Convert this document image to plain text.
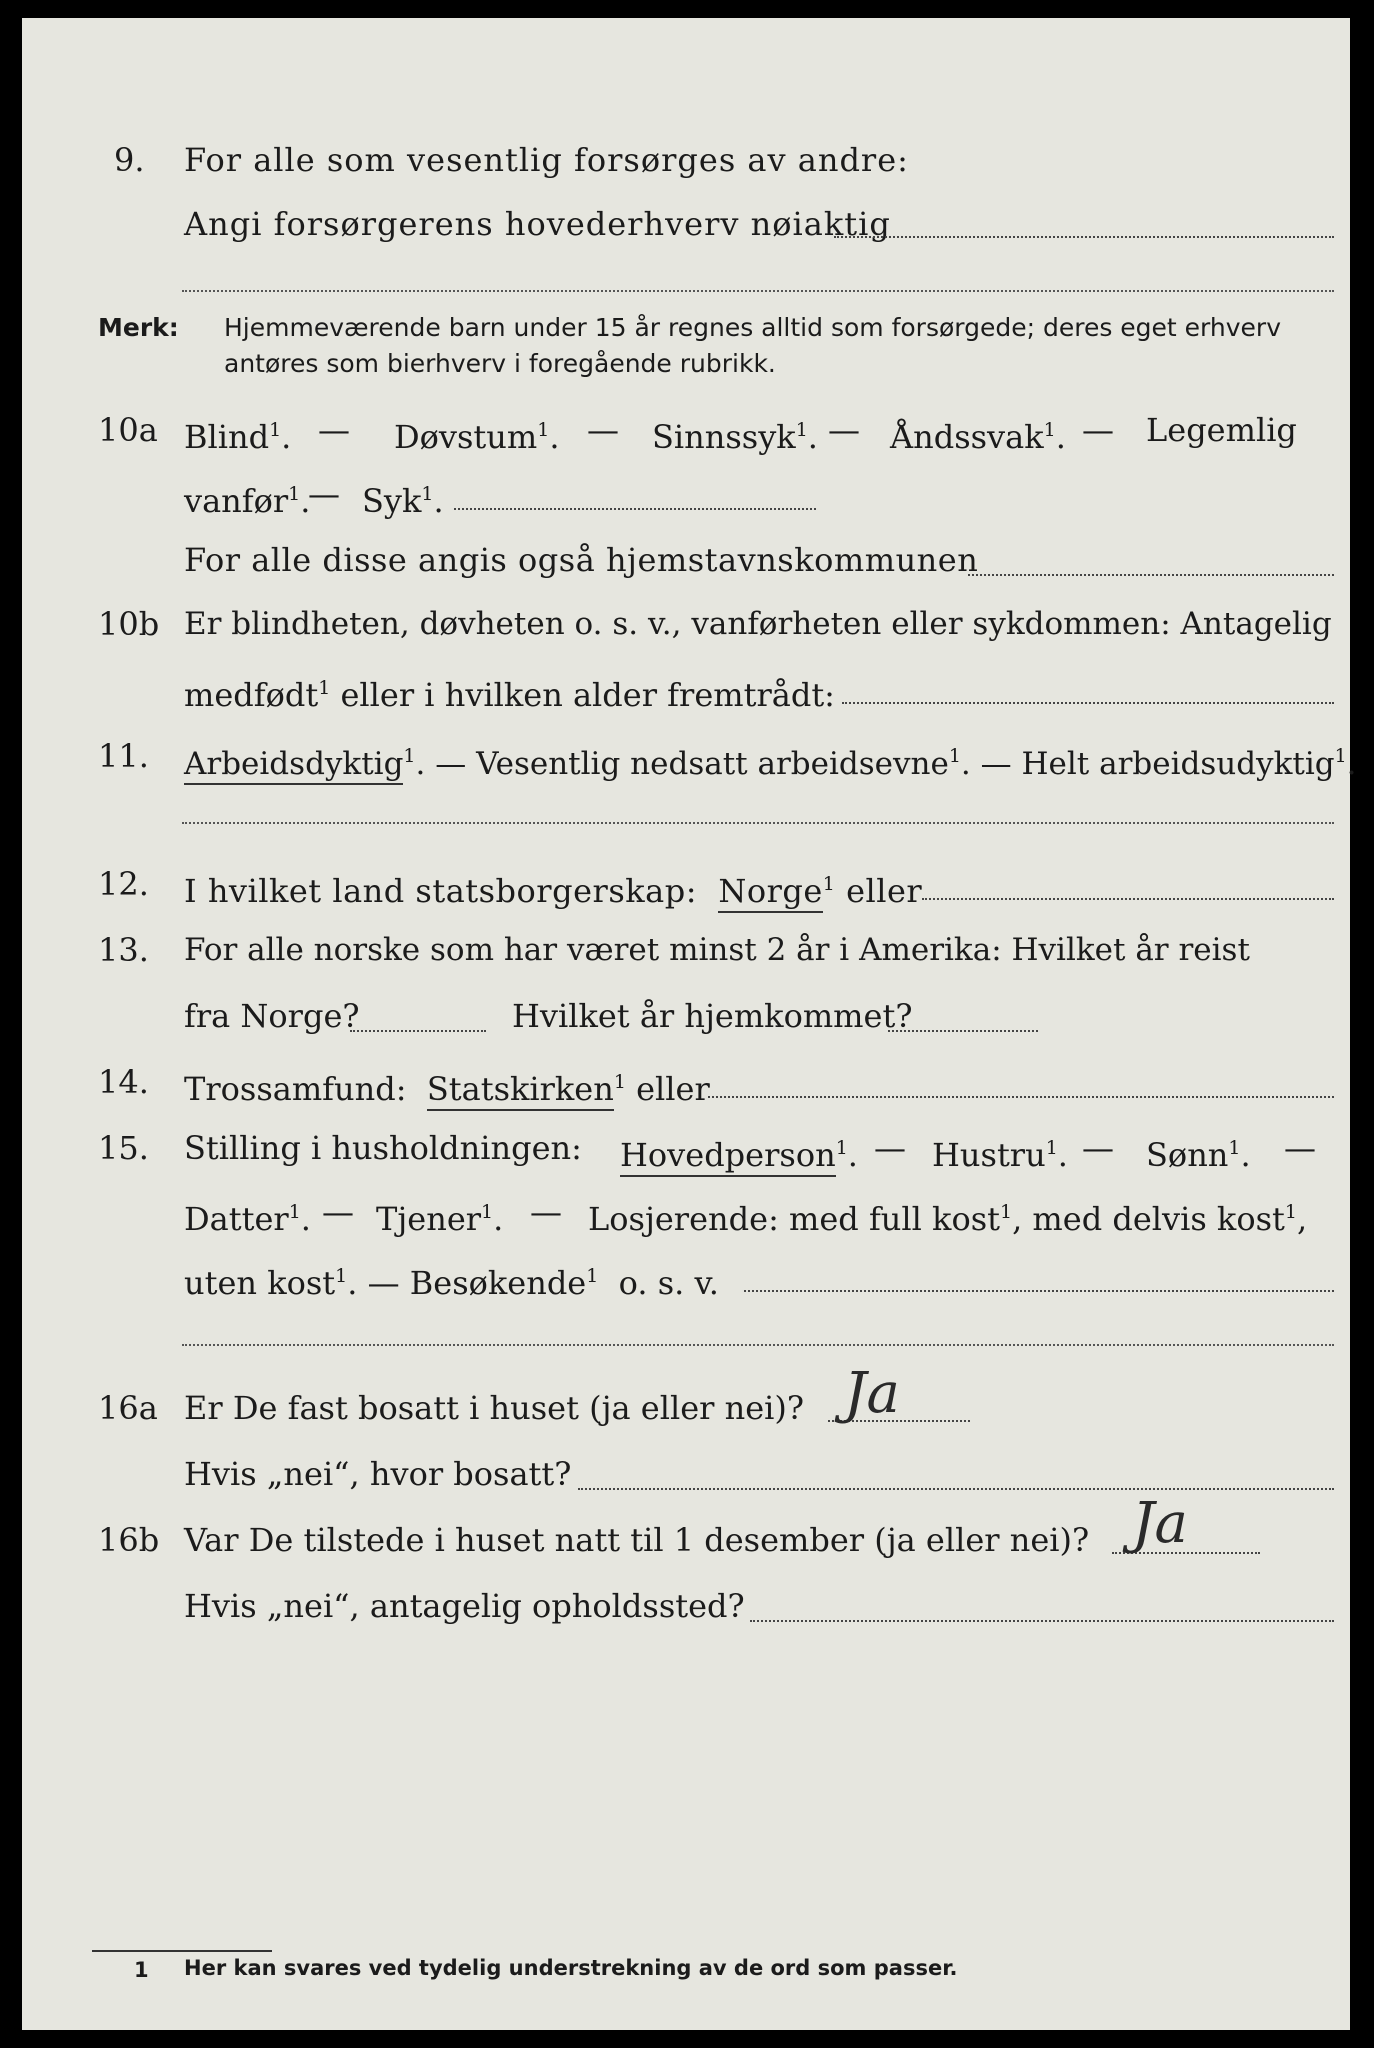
9. For alle som vesentlig forsørges av andre:
Angi forsørgerens hovederhverv nøiaktig
Merk: Hjemmeværende barn under 15 år regnes alltid som forsørgede; deres eget erhverv
antøres som bierhverv i foregående rubrikk.
10a Blind$^1$. — Døvstum$^1$. — Sinnssyk$^1$. — Åndssvak$^1$. — Legemlig
vanfør$^1$.
— Syk$^1$.
For alle disse angis også hjemstavnskommunen
10b Er blindheten, døvheten o. s. v., vanførheten eller sykdommen: Antagelig
medfødt$^1$ eller i hvilken alder fremtrådt:
11. Arbeidsdyktig$^1$. — Vesentlig nedsatt arbeidsevne$^1$. — Helt arbeidsudyktig$^1$.
12. I hvilket land statsborgerskap: Norge$^1$ eller
13. For alle norske som har været minst 2 år i Amerika: Hvilket år reist
fra Norge?	Hvilket år hjemkommet?
14. Trossamfund: Statskirken$^1$ eller
15. Stilling i husholdningen: Hovedperson$^1$. — Hustru$^1$. — Sønn$^1$. —
Datter$^1$. — Tjener$^1$. — Losjerende: med full kost$^1$, med delvis kost$^1$,
uten kost$^1$. — Besøkende$^1$ o. s. v.
16a Er De fast bosatt i huset (ja eller nei)? Ja
Hvis „nei“, hvor bosatt?
16b Var De tilstede i huset natt til 1 desember (ja eller nei)? Ja
Hvis „nei“, antagelig opholdssted?
1 Her kan svares ved tydelig understrekning av de ord som passer.
